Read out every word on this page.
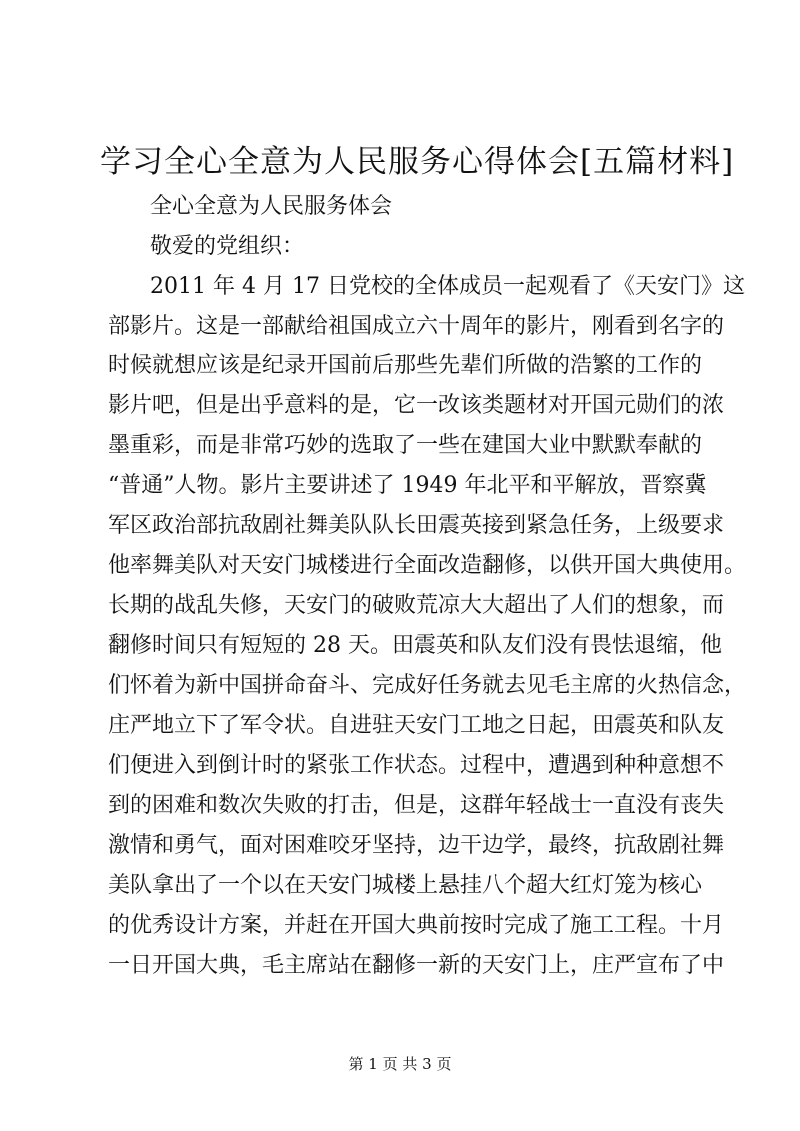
学习全心全意为人民服务心得体会[五篇材料]
全心全意为人民服务体会
敬爱的党组织：
2011 年 4 月 17 日党校的全体成员一起观看了《天安门》这
部影片。这是一部献给祖国成立六十周年的影片，刚看到名字的
时候就想应该是纪录开国前后那些先辈们所做的浩繁的工作的
影片吧，但是出乎意料的是，它一改该类题材对开国元勋们的浓
墨重彩，而是非常巧妙的选取了一些在建国大业中默默奉献的
“普通”人物。影片主要讲述了 1949 年北平和平解放，晋察冀
军区政治部抗敌剧社舞美队队长田震英接到紧急任务，上级要求
他率舞美队对天安门城楼进行全面改造翻修，以供开国大典使用。
长期的战乱失修，天安门的破败荒凉大大超出了人们的想象，而
翻修时间只有短短的 28 天。田震英和队友们没有畏怯退缩，他
们怀着为新中国拼命奋斗、完成好任务就去见毛主席的火热信念，
庄严地立下了军令状。自进驻天安门工地之日起，田震英和队友
们便进入到倒计时的紧张工作状态。过程中，遭遇到种种意想不
到的困难和数次失败的打击，但是，这群年轻战士一直没有丧失
激情和勇气，面对困难咬牙坚持，边干边学，最终，抗敌剧社舞
美队拿出了一个以在天安门城楼上悬挂八个超大红灯笼为核心
的优秀设计方案，并赶在开国大典前按时完成了施工工程。十月
一日开国大典，毛主席站在翻修一新的天安门上，庄严宣布了中
第 1 页 共 3 页
